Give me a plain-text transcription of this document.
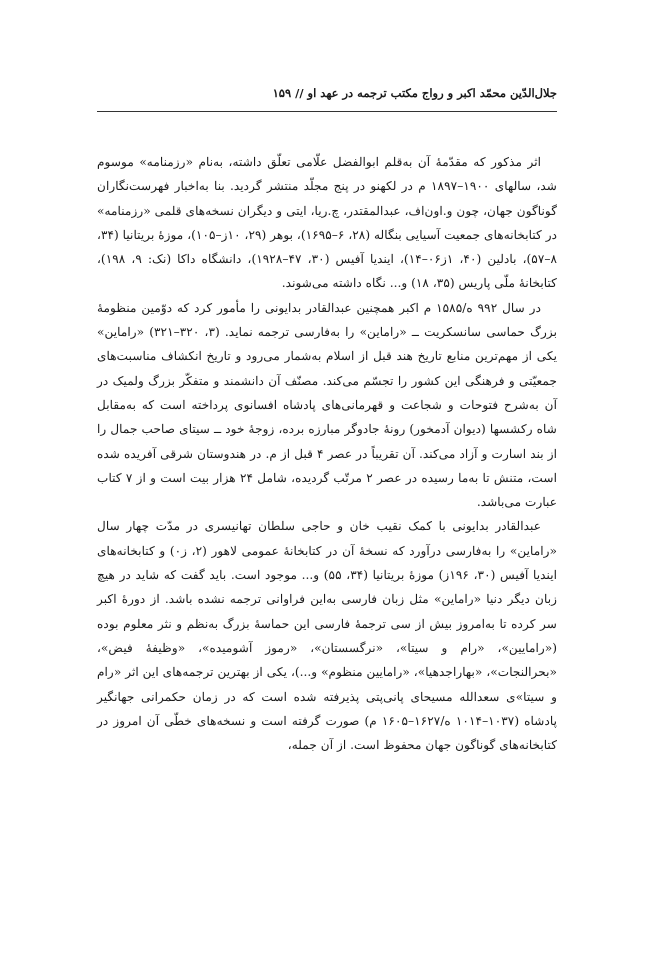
جلال‌الدّین محمّد اکبر و رواج مکتب ترجمه در عهد او // ۱۵۹

اثر مذکور که مقدّمهٔ آن به‌قلم ابوالفضل علّامی تعلّق داشته، به‌نام «رزمنامه» موسوم شد، سالهای ۱۹۰۰–۱۸۹۷ م در لکهنو در پنج مجلّد منتشر گردید. بنا به‌اخبار فهرست‌نگاران گوناگون جهان، چون و.اون‌اف، عبدالمقتدر، چ.ریا، ایتی و دیگران نسخه‌های قلمی «رزمنامه» در کتابخانه‌های جمعیت آسیایی بنگاله (۲۸، ۶–۱۶۹۵)، بوهر (۲۹، ۱۰ز–۱۰۵)، موزهٔ بریتانیا (۳۴، ۸–۵۷)، بادلین (۴۰، ۱ز۰۶–۱۴)، ایندیا آفیس (۳۰، ۴۷–۱۹۲۸)، دانشگاه داکا (نک: ۹، ۱۹۸)، کتابخانهٔ ملّی پاریس (۳۵، ۱۸) و... نگاه داشته می‌شوند.

در سال ۹۹۲ ه/۱۵۸۵ م اکبر همچنین عبدالقادر بدایونی را مأمور کرد که دوّمین منظومهٔ بزرگ حماسی سانسکریت ــ «راماین» را به‌فارسی ترجمه نماید. (۳، ۳۲۰–۳۲۱) «راماین» یکی از مهم‌ترین منابع تاریخ هند قبل از اسلام به‌شمار می‌رود و تاریخ انکشاف مناسبت‌های جمعیّتی و فرهنگی این کشور را تجسّم می‌کند. مصنّف آن دانشمند و متفکّر بزرگ ولمیک در آن به‌شرح فتوحات و شجاعت و قهرمانی‌های پادشاه افسانوی پرداخته است که به‌مقابل شاه رکشسها (دیوان آدمخور) رونهٔ جادوگر مبارزه برده، زوجهٔ خود ــ سیتای صاحب جمال را از بند اسارت و آزاد می‌کند. آن تقریباً در عصر ۴ قبل از م. در هندوستان شرقی آفریده شده است، متنش تا به‌ما رسیده در عصر ۲ مرتّب گردیده، شامل ۲۴ هزار بیت است و از ۷ کتاب عبارت می‌باشد.

عبدالقادر بدایونی با کمک نقیب خان و حاجی سلطان تهانیسری در مدّت چهار سال «راماین» را به‌فارسی درآورد که نسخهٔ آن در کتابخانهٔ عمومی لاهور (۲، ز۰) و کتابخانه‌های ایندیا آفیس (۳۰، ۱۹۶ز) موزهٔ بریتانیا (۳۴، ۵۵) و... موجود است. باید گفت که شاید در هیچ زبان دیگر دنیا «راماین» مثل زبان فارسی به‌این فراوانی ترجمه نشده باشد. از دورهٔ اکبر سر کرده تا به‌امروز بیش از سی ترجمهٔ فارسی این حماسهٔ بزرگ به‌نظم و نثر معلوم بوده («رامایین»، «رام و سیتا»، «نرگسستان»، «رموز آشومیده»، «وظیفهٔ فیض»، «بحرالنجات»، «بهاراجدهیا»، «رامایین منظوم» و...)، یکی از بهترین ترجمه‌های این اثر «رام و سیتا»ی سعدالله مسیحای پانی‌پتی پذیرفته شده است که در زمان حکمرانی جهانگیر پادشاه (۱۰۳۷–۱۰۱۴ ه/۱۶۲۷–۱۶۰۵ م) صورت گرفته است و نسخه‌های خطّی آن امروز در کتابخانه‌های گوناگون جهان محفوظ است. از آن جمله،
